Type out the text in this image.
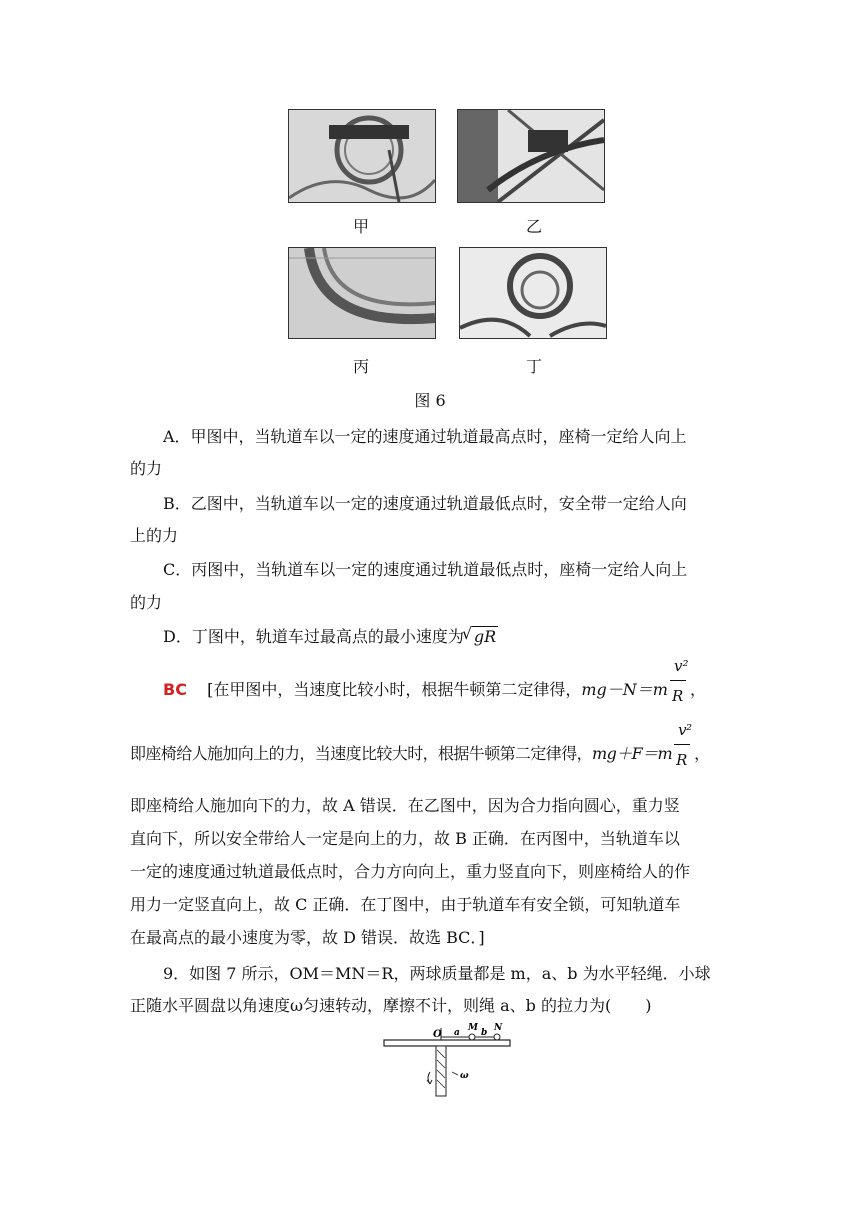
甲	乙
丙	丁
图 6
A．甲图中，当轨道车以一定的速度通过轨道最高点时，座椅一定给人向上
的力
B．乙图中，当轨道车以一定的速度通过轨道最低点时，安全带一定给人向
上的力
C．丙图中，当轨道车以一定的速度通过轨道最低点时，座椅一定给人向上
的力
D．丁图中，轨道车过最高点的最小速度为√ gR
BC [在甲图中，当速度比较小时，根据牛顿第二定律得，$mg-N=m \frac{\text{v²}}{R}$ ，
即座椅给人施加向上的力，当速度比较大时，根据牛顿第二定律得，$mg+F=m \frac{\text{v²}}{R}$ ，
即座椅给人施加向下的力，故 A 错误．在乙图中，因为合力指向圆心，重力竖
直向下，所以安全带给人一定是向上的力，故 B 正确．在丙图中，当轨道车以
一定的速度通过轨道最低点时，合力方向向上，重力竖直向下，则座椅给人的作
用力一定竖直向上，故 C 正确．在丁图中，由于轨道车有安全锁，可知轨道车
在最高点的最小速度为零，故 D 错误．故选 BC．]
9．如图 7 所示，OM＝MN＝R，两球质量都是 m，a、b 为水平轻绳．小球
正随水平圆盘以角速度ω匀速转动，摩擦不计，则绳 a、b 的拉力为( )
O a M b N
ω
